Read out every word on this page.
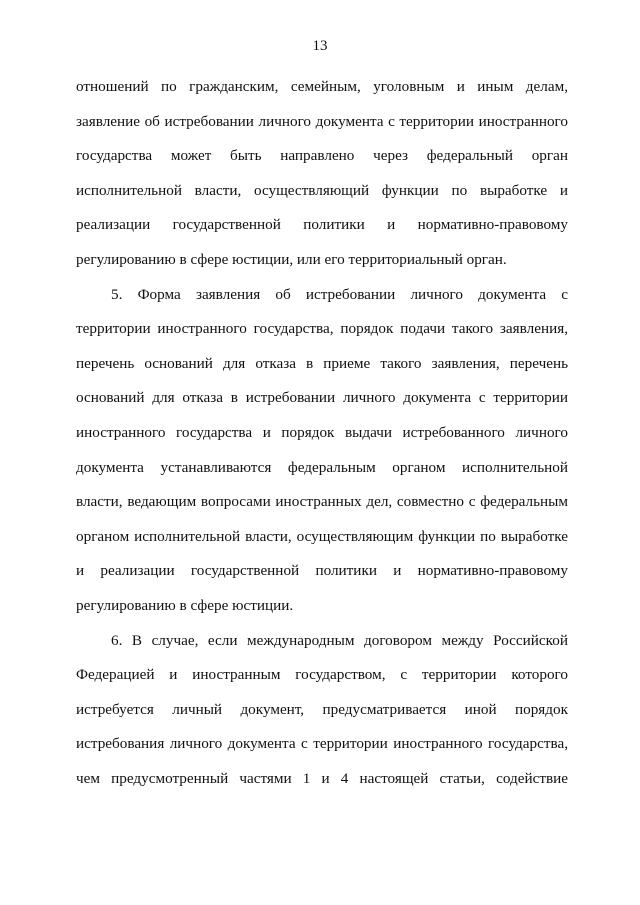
13
отношений по гражданским, семейным, уголовным и иным делам,
заявление об истребовании личного документа с территории иностранного
государства может быть направлено через федеральный орган
исполнительной власти, осуществляющий функции по выработке и
реализации государственной политики и нормативно-правовому
регулированию в сфере юстиции, или его территориальный орган.
5. Форма заявления об истребовании личного документа с
территории иностранного государства, порядок подачи такого заявления,
перечень оснований для отказа в приеме такого заявления, перечень
оснований для отказа в истребовании личного документа с территории
иностранного государства и порядок выдачи истребованного личного
документа устанавливаются федеральным органом исполнительной
власти, ведающим вопросами иностранных дел, совместно с федеральным
органом исполнительной власти, осуществляющим функции по выработке
и реализации государственной политики и нормативно-правовому
регулированию в сфере юстиции.
6. В случае, если международным договором между Российской
Федерацией и иностранным государством, с территории которого
истребуется личный документ, предусматривается иной порядок
истребования личного документа с территории иностранного государства,
чем предусмотренный частями 1 и 4 настоящей статьи, содействие
